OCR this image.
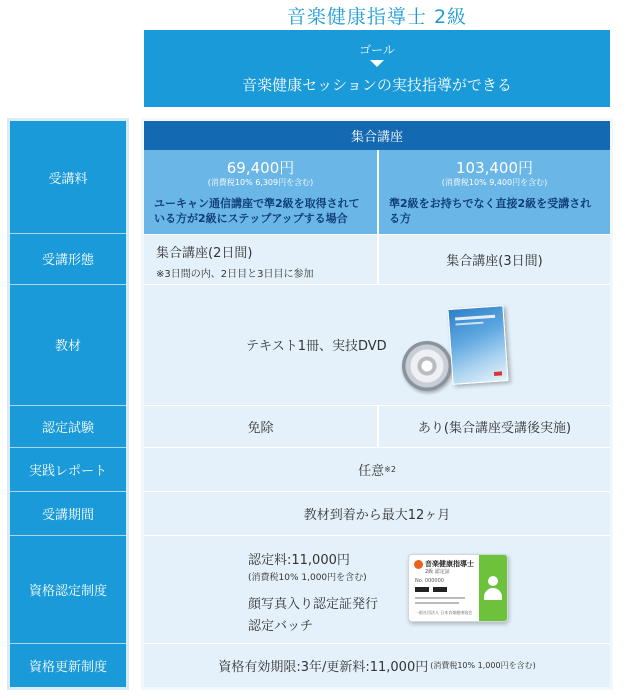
音楽健康指導士 2級
ゴール
音楽健康セッションの実技指導ができる
受講料
受講形態
教材
認定試験
実践レポート
受講期間
資格認定制度
資格更新制度
集合講座
69,400円
(消費税10% 6,309円を含む)
ユーキャン通信講座で準2級を取得されている方が2級にステップアップする場合
103,400円
(消費税10% 9,400円を含む)
準2級をお持ちでなく直接2級を受講される方
集合講座(2日間)
※3日間の内、2日目と3日目に参加
集合講座(3日間)
テキスト1冊、実技DVD
免除	あり(集合講座受講後実施)
任意 ※2
教材到着から最大12ヶ月
認定料:11,000円
(消費税10% 1,000円を含む)
顔写真入り認定証発行
認定バッチ
音楽健康指導士
2級 認定証
No. 000000
一般社団法人 日本音楽健康協会
資格有効期限:3年/更新料:11,000円 (消費税10% 1,000円を含む)
